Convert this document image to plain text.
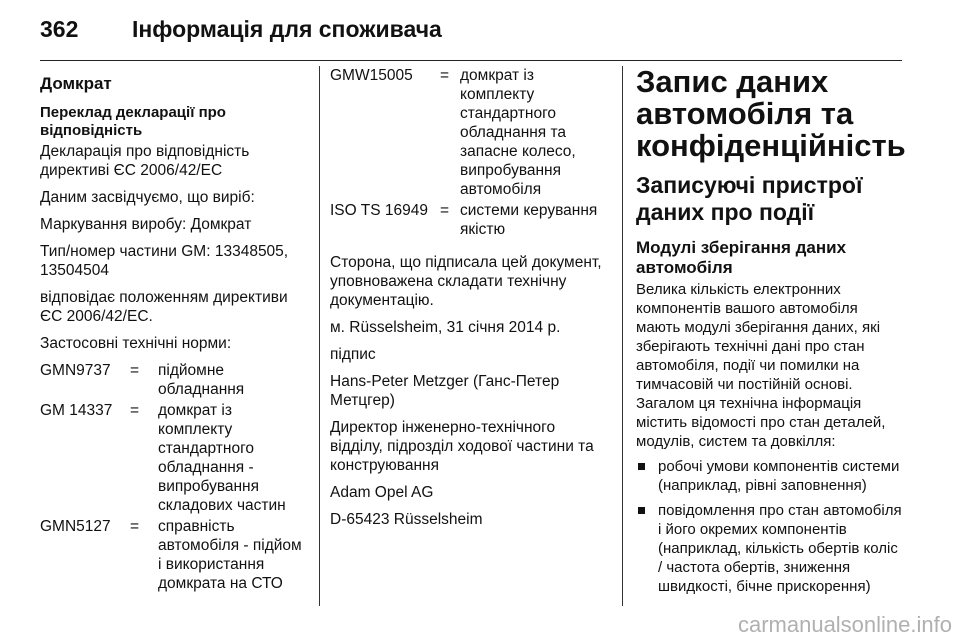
362 Інформація для споживача
Домкрат
Переклад декларації про відповідність

Декларація про відповідність директиві ЄС 2006/42/ЕС

Даним засвідчуємо, що виріб:

Маркування виробу: Домкрат

Тип/номер частини GM: 13348505, 13504504

відповідає положенням директиви ЄС 2006/42/ЕС.

Застосовні технічні норми:

GMN9737	=	підйомне обладнання
GM 14337	=	домкрат із комплекту стандартного обладнання - випробування складових частин
GMN5127	=	справність автомобіля - підйом і використання домкрата на СТО
GMW15005	= домкрат із комплекту стандартного обладнання та запасне колесо, випробування автомобіля
ISO TS 16949 = системи керування якістю

Сторона, що підписала цей документ, уповноважена складати технічну документацію.

м. Rüsselsheim, 31 січня 2014 р.

підпис

Hans-Peter Metzger (Ганс-Петер Метцгер)

Директор інженерно-технічного відділу, підрозділ ходової частини та конструювання

Adam Opel AG

D-65423 Rüsselsheim

Запис даних автомобіля та конфіденційність
Записуючі пристрої даних про події
Модулі зберігання даних автомобіля

Велика кількість електронних компонентів вашого автомобіля мають модулі зберігання даних, які зберігають технічні дані про стан автомобіля, події чи помилки на тимчасовій чи постійній основі. Загалом ця технічна інформація містить відомості про стан деталей, модулів, систем та довкілля:

робочі умови компонентів системи (наприклад, рівні заповнення)
повідомлення про стан автомобіля і його окремих компонентів (наприклад, кількість обертів коліс / частота обертів, зниження швидкості, бічне прискорення)
carmanualsonline.info
